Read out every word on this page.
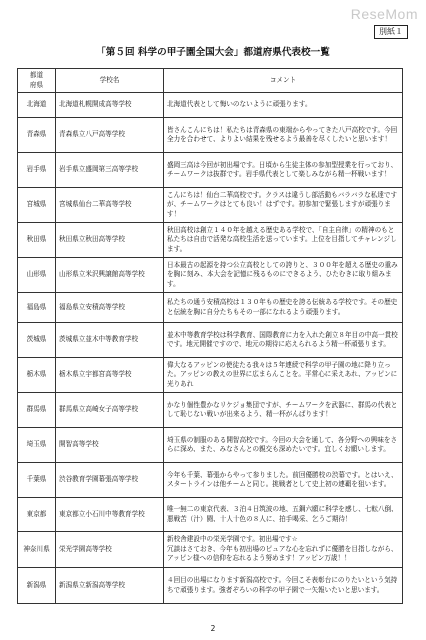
ReseMom
別紙１
「第５回 科学の甲子園全国大会」都道府県代表校一覧
都道
府県	学校名	コメント
北海道	北海道札幌開成高等学校	北海道代表として悔いのないように頑張ります。
青森県	青森県立八戸高等学校	皆さんこんにちは！私たちは青森県の東端からやってきた八戸高校です。今回全力を合わせて、よりよい結果を残せるよう最善を尽くしたいと思います！
岩手県	岩手県立盛岡第三高等学校	盛岡三高は今回が初出場です。日頃から生徒主体の参加型授業を行っており、チームワークは抜群です。岩手県代表として楽しみながら精一杯戦います！
宮城県	宮城県仙台二華高等学校	こんにちは！仙台二華高校です。クラスは違うし部活動もバラバラな私達ですが、チームワークはとても良い！はずです。初参加で緊張しますが頑張ります！
秋田県	秋田県立秋田高等学校	秋田高校は創立１４０年を越える歴史ある学校で、「自主自律」の精神のもと私たちは自由で活発な高校生活を送っています。上位を目指してチャレンジします。
山形県	山形県立米沢興譲館高等学校	日本最古の起源を持つ公立高校としての誇りと、３００年を超える歴史の重みを胸に刻み、本大会を記憶に残るものにできるよう、ひたむきに取り組みます。
福島県	福島県立安積高等学校	私たちの通う安積高校は１３０年もの歴史を誇る伝統ある学校です。その歴史と伝統を胸に自分たちもその一部になれるよう頑張ります。
茨城県	茨城県立並木中等教育学校	並木中等教育学校は科学教育、国際教育に力を入れた創立８年目の中高一貫校です。地元開催ですので、地元の期待に応えられるよう精一杯頑張ります。
栃木県	栃木県立宇都宮高等学校	偉大なるアッピンの使徒たる我々は５年連続で科学の甲子園の地に降り立った。アッピンの教えの世界に広まらんことを。平常心に采えあれ、アッピンに光りあれ
群馬県	群馬県立高崎女子高等学校	かなり個性豊かなリケジョ集団ですが、チームワークを武器に、群馬の代表として恥じない戦いが出来るよう、精一杯がんばります！
埼玉県	開智高等学校	埼玉県の制服のある開智高校です。今回の大会を通して、各分野への興味をさらに深め、また、みなさんとの親交も深めたいです。宜しくお願いします。
千葉県	渋谷教育学園幕張高等学校	今年も千葉、幕張からやって参りました。前回優勝校の渋幕です。とはいえ、スタートラインは他チームと同じ。挑戦者として史上初の連覇を狙います。
東京都	東京都立小石川中等教育学校	唯一無二の東京代表、３泊４日筑波の地、五鋼六願に科学を感し、七転八倒、悪戦苦（汁）闘、十人十色の８人に、拍手喝采、乞うご期待！
神奈川県	栄光学園高等学校	新校舎建設中の栄光学園です。初出場です☆
冗談はさておき、今年も初出場のピュアな心を忘れずに優勝を目指しながら、アッピン様への信仰を忘れるよう努めます！アッピン万歳！！
新潟県	新潟県立新潟高等学校	４回目の出場になります新潟高校です。今回こそ表彰台にのりたいという気持ちで頑張ります。強者ぞろいの科学の甲子園で一矢報いたいと思います。
2
